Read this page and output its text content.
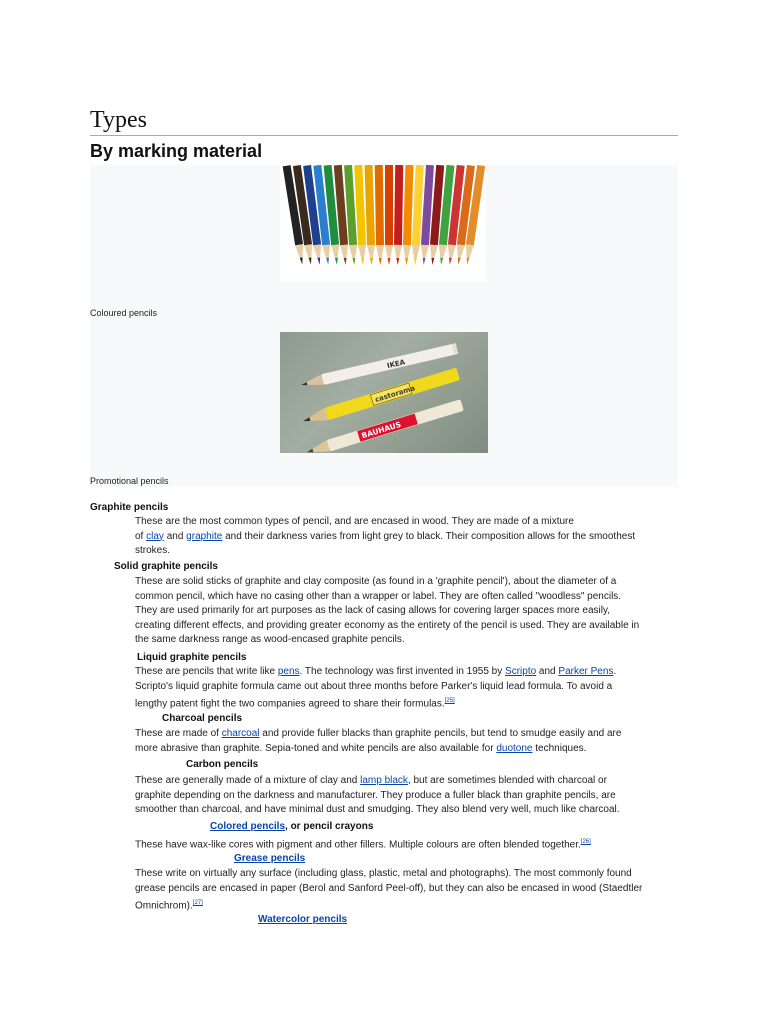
Types
By marking material
Coloured pencils
IKEA
castorama
BAUHAUS
Promotional pencils
Graphite pencils
These are the most common types of pencil, and are encased in wood. They are made of a mixture
of clay and graphite and their darkness varies from light grey to black. Their composition allows for the smoothest
strokes.
Solid graphite pencils
These are solid sticks of graphite and clay composite (as found in a 'graphite pencil'), about the diameter of a
common pencil, which have no casing other than a wrapper or label. They are often called "woodless" pencils.
They are used primarily for art purposes as the lack of casing allows for covering larger spaces more easily,
creating different effects, and providing greater economy as the entirety of the pencil is used. They are available in
the same darkness range as wood-encased graphite pencils.
Liquid graphite pencils
These are pencils that write like pens. The technology was first invented in 1955 by Scripto and Parker Pens.
Scripto's liquid graphite formula came out about three months before Parker's liquid lead formula. To avoid a
lengthy patent fight the two companies agreed to share their formulas.[25]
Charcoal pencils
These are made of charcoal and provide fuller blacks than graphite pencils, but tend to smudge easily and are
more abrasive than graphite. Sepia-toned and white pencils are also available for duotone techniques.
Carbon pencils
These are generally made of a mixture of clay and lamp black, but are sometimes blended with charcoal or
graphite depending on the darkness and manufacturer. They produce a fuller black than graphite pencils, are
smoother than charcoal, and have minimal dust and smudging. They also blend very well, much like charcoal.
Colored pencils, or pencil crayons
These have wax-like cores with pigment and other fillers. Multiple colours are often blended together.[26]
Grease pencils
These write on virtually any surface (including glass, plastic, metal and photographs). The most commonly found
grease pencils are encased in paper (Berol and Sanford Peel-off), but they can also be encased in wood (Staedtler
Omnichrom).[27]
Watercolor pencils
